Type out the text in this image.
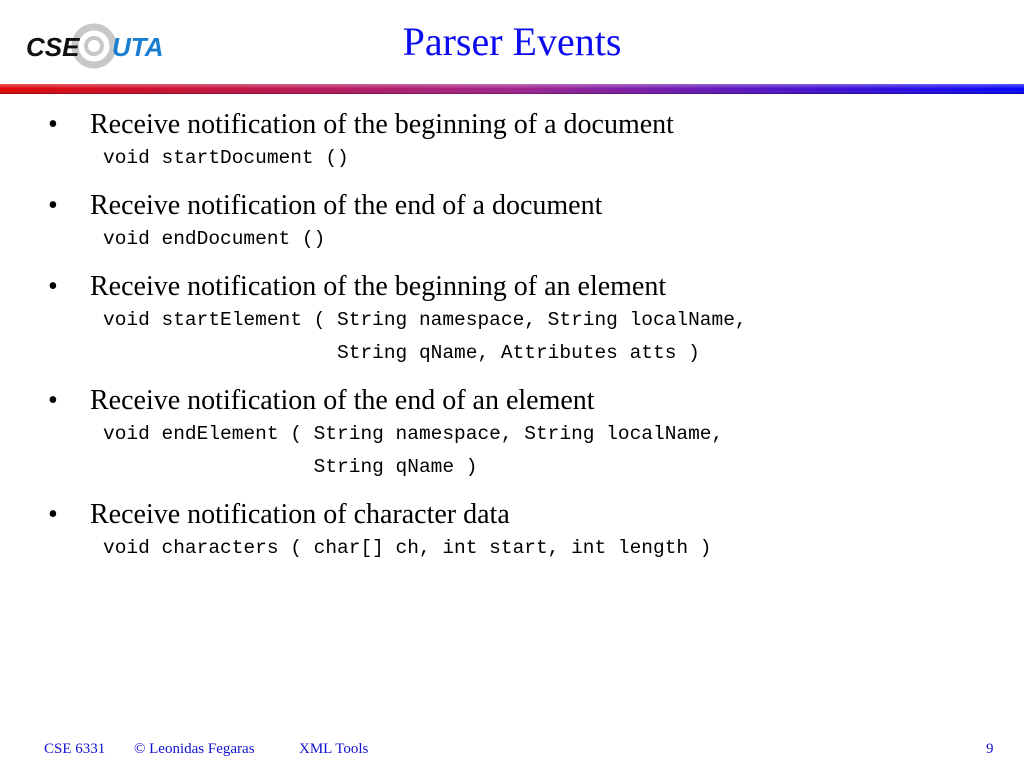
CSE UTA	Parser Events
•	Receive notification of the beginning of a document
void startDocument ()
•	Receive notification of the end of a document
void endDocument ()
•	Receive notification of the beginning of an element
void startElement ( String namespace, String localName,
String qName, Attributes atts )
•	Receive notification of the end of an element
void endElement ( String namespace, String localName,
String qName )
•	Receive notification of character data
void characters ( char[] ch, int start, int length )
CSE 6331 © Leonidas Fegaras	XML Tools	9
